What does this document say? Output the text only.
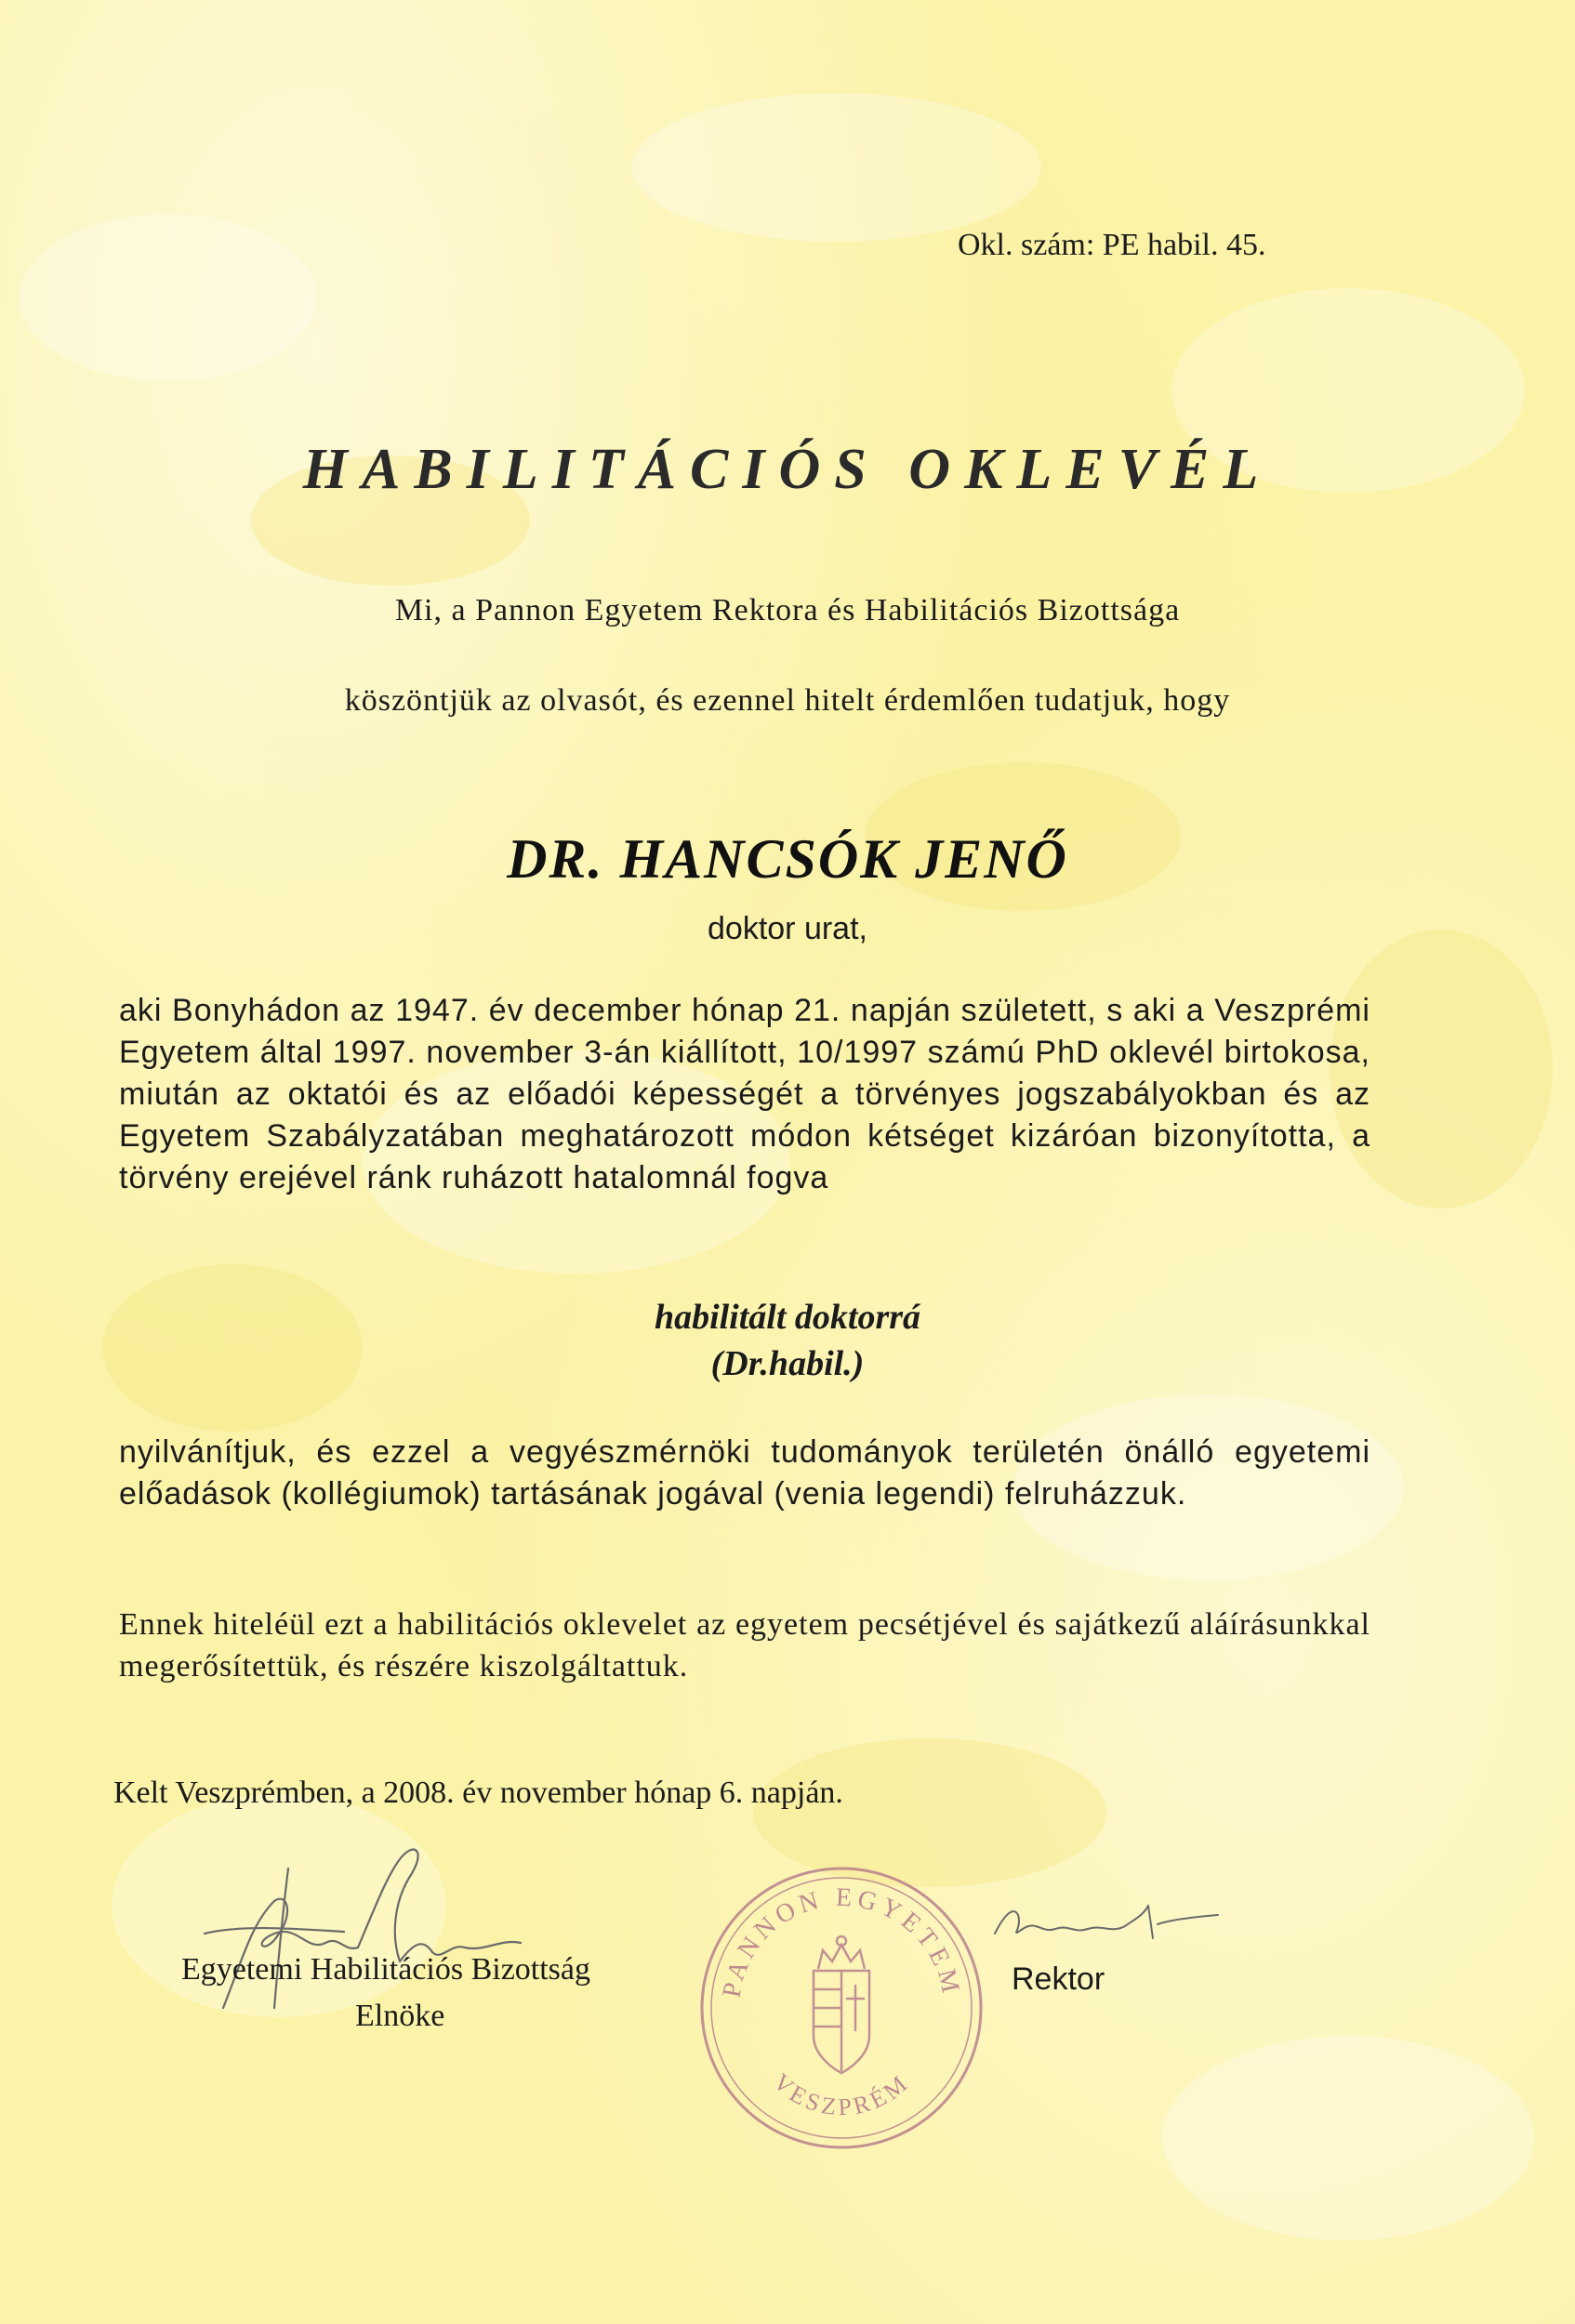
Okl. szám: PE habil. 45.

HABILITÁCIÓS OKLEVÉL

Mi, a Pannon Egyetem Rektora és Habilitációs Bizottsága

köszöntjük az olvasót, és ezennel hitelt érdemlően tudatjuk, hogy

DR. HANCSÓK JENŐ

doktor urat,

aki Bonyhádon az 1947. év december hónap 21. napján született, s aki a Veszprémi Egyetem által 1997. november 3-án kiállított, 10/1997 számú PhD oklevél birtokosa, miután az oktatói és az előadói képességét a törvényes jogszabályokban és az Egyetem Szabályzatában meghatározott módon kétséget kizáróan bizonyította, a törvény erejével ránk ruházott hatalomnál fogva

habilitált doktorrá

(Dr.habil.)

nyilvánítjuk, és ezzel a vegyészmérnöki tudományok területén önálló egyetemi előadások (kollégiumok) tartásának jogával (venia legendi) felruházzuk.

Ennek hiteléül ezt a habilitációs oklevelet az egyetem pecsétjével és sajátkezű aláírásunkkal megerősítettük, és részére kiszolgáltattuk.

Kelt Veszprémben, a 2008. év november hónap 6. napján.

Egyetemi Habilitációs Bizottság

Elnöke

PANNON EGYETEM
VESZPRÉM

Rektor
